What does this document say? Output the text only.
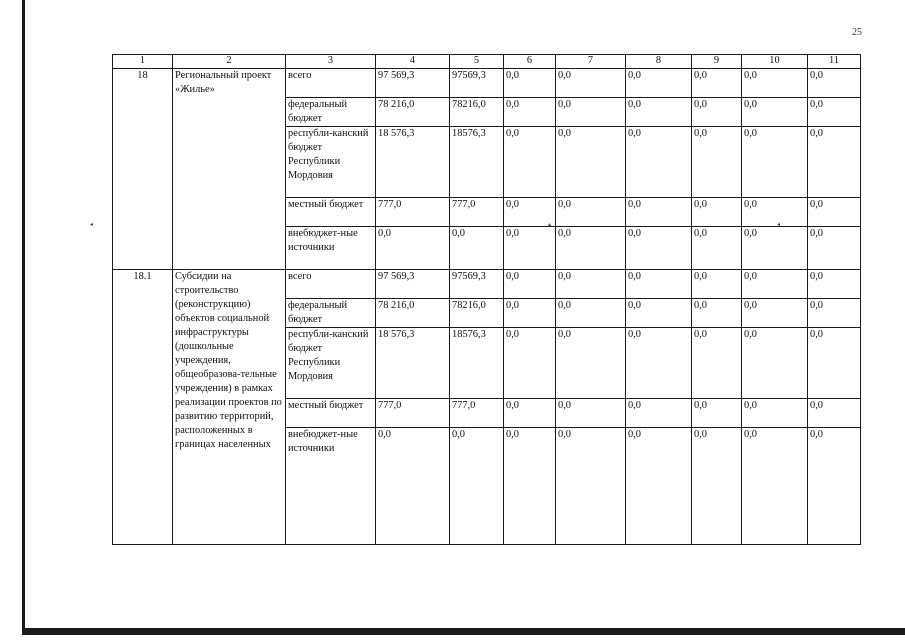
◂	▴	◂
25
1	2	3	4	5	6	7	8	9	10	11
18	Региональный проект «Жилье»	всего	97 569,3	97569,3	0,0	0,0	0,0	0,0	0,0	0,0
		федеральный бюджет	78 216,0	78216,0	0,0	0,0	0,0	0,0	0,0	0,0
		республи-канский бюджет Республики Мордовия	18 576,3	18576,3	0,0	0,0	0,0	0,0	0,0	0,0
		местный бюджет	777,0	777,0	0,0	0,0	0,0	0,0	0,0	0,0
		внебюджет-ные источники	0,0	0,0	0,0	0,0	0,0	0,0	0,0	0,0
18.1	Субсидии на строительство (реконструкцию) объектов социальной инфраструктуры (дошкольные учреждения, общеобразова-тельные учреждения) в рамках реализации проектов по развитию территорий, расположенных в границах населенных	всего	97 569,3	97569,3	0,0	0,0	0,0	0,0	0,0	0,0
		федеральный бюджет	78 216,0	78216,0	0,0	0,0	0,0	0,0	0,0	0,0
		республи-канский бюджет Республики Мордовия	18 576,3	18576,3	0,0	0,0	0,0	0,0	0,0	0,0
		местный бюджет	777,0	777,0	0,0	0,0	0,0	0,0	0,0	0,0
		внебюджет-ные источники	0,0	0,0	0,0	0,0	0,0	0,0	0,0	0,0
